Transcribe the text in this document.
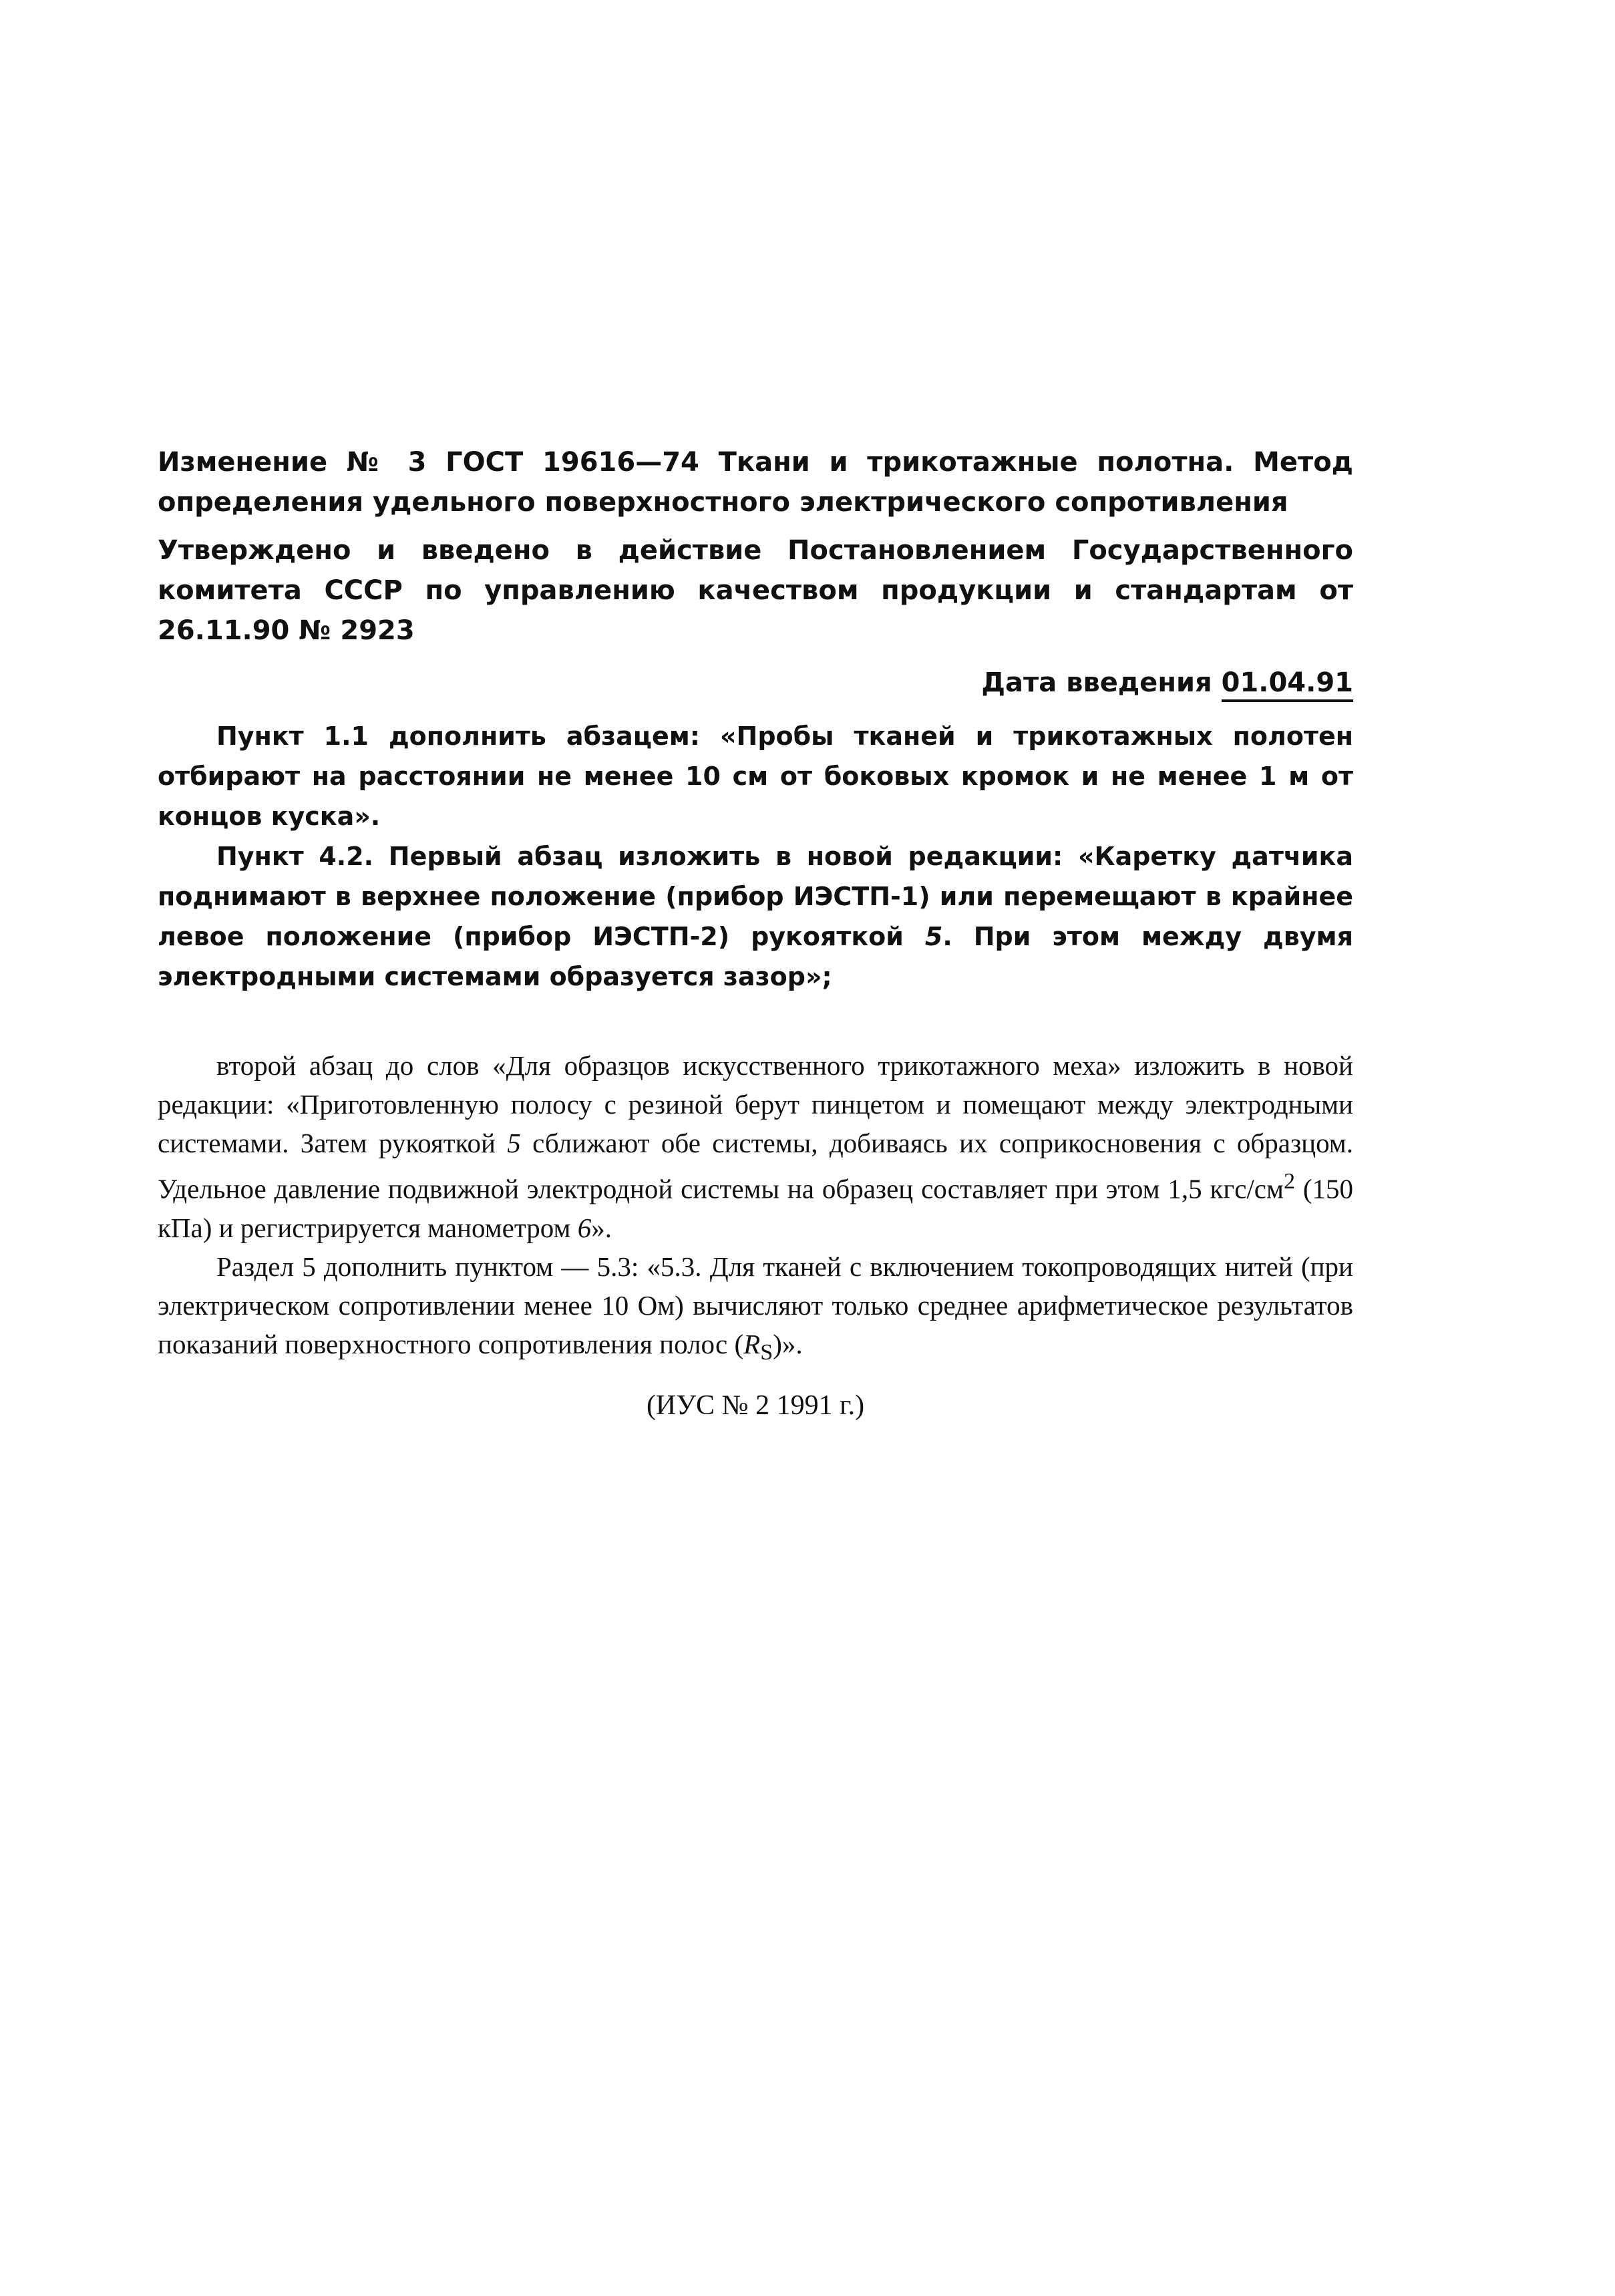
Изменение № 3 ГОСТ 19616—74 Ткани и трикотажные полотна. Метод определения удельного поверхностного электрического сопротивления

Утверждено и введено в действие Постановлением Государственного комитета СССР по управлению качеством продукции и стандартам от 26.11.90 № 2923

Дата введения 01.04.91

Пункт 1.1 дополнить абзацем: «Пробы тканей и трикотажных полотен отбирают на расстоянии не менее 10 см от боковых кромок и не менее 1 м от концов куска».

Пункт 4.2. Первый абзац изложить в новой редакции: «Каретку датчика поднимают в верхнее положение (прибор ИЭСТП-1) или перемещают в крайнее левое положение (прибор ИЭСТП-2) рукояткой 5. При этом между двумя электродными системами образуется зазор»;

второй абзац до слов «Для образцов искусственного трикотажного меха» изложить в новой редакции: «Приготовленную полосу с резиной берут пинцетом и помещают между электродными системами. Затем рукояткой 5 сближают обе системы, добиваясь их соприкосновения с образцом. Удельное давление подвижной электродной системы на образец составляет при этом 1,5 кгс/$см^2$ (150 кПа) и регистрируется манометром 6».

Раздел 5 дополнить пунктом — 5.3: «5.3. Для тканей с включением токопроводящих нитей (при электрическом сопротивлении менее 10 Ом) вычисляют только среднее арифметическое результатов показаний поверхностного сопротивления полос $(R_S)$».

(ИУС № 2 1991 г.)
